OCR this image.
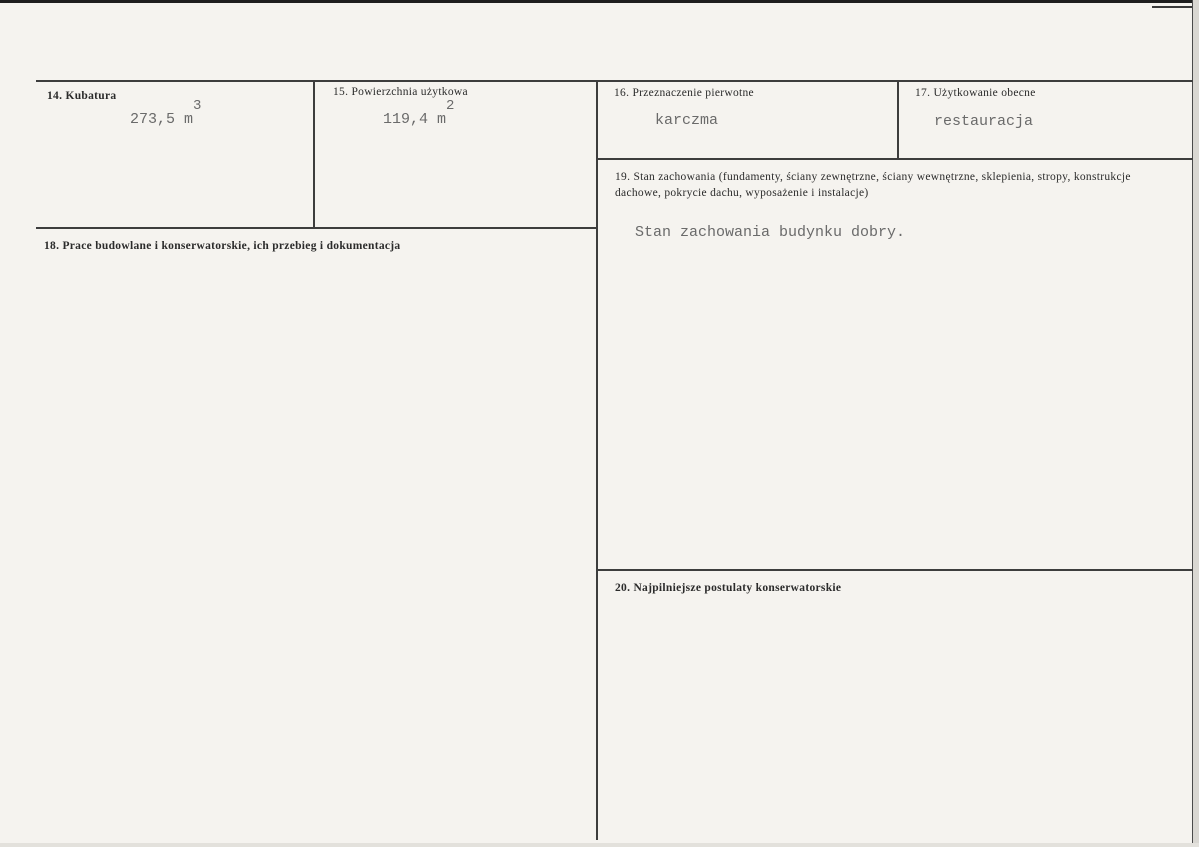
14. Kubatura
273,5 m
3
15. Powierzchnia użytkowa
119,4 m
2
16. Przeznaczenie pierwotne
karczma
17. Użytkowanie obecne
restauracja
18. Prace budowlane i konserwatorskie, ich przebieg i dokumentacja
19. Stan zachowania (fundamenty, ściany zewnętrzne, ściany wewnętrzne, sklepienia, stropy, konstrukcje dachowe, pokrycie dachu, wyposażenie i instalacje)
Stan zachowania budynku dobry.
20. Najpilniejsze postulaty konserwatorskie
